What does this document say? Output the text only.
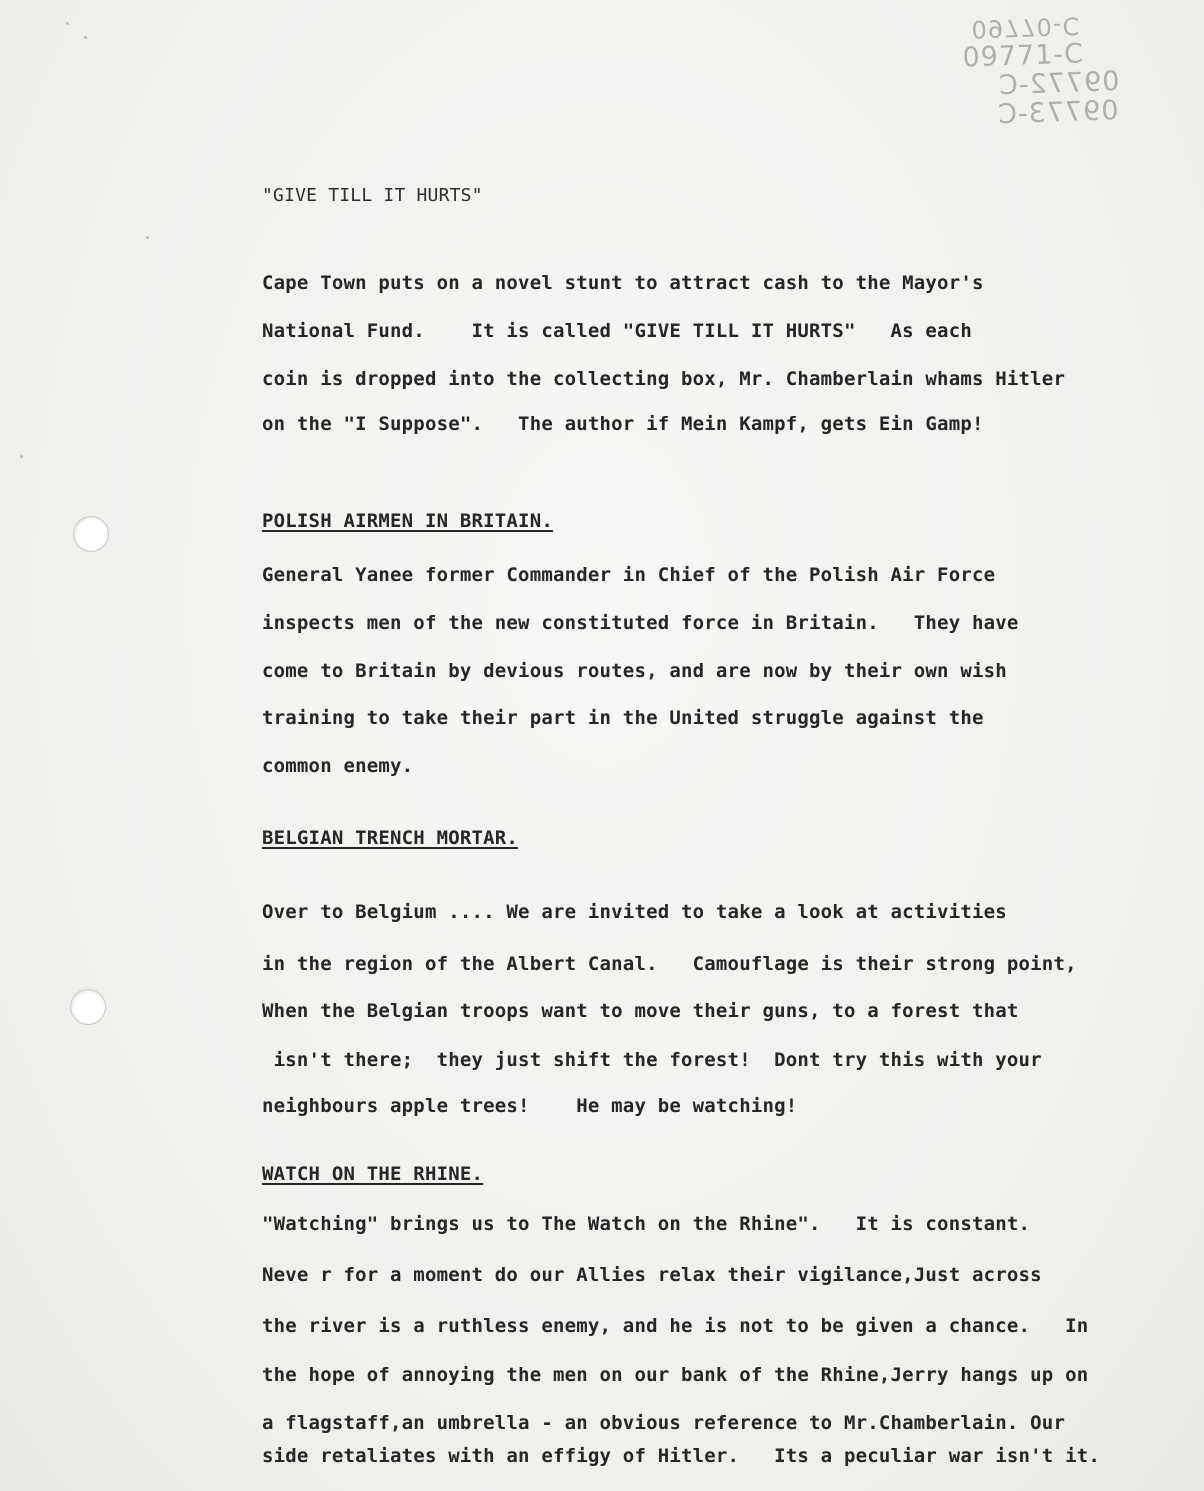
09770-C
09771-C
09772-C
09773-C
"GIVE TILL IT HURTS"
Cape Town puts on a novel stunt to attract cash to the Mayor's
National Fund.    It is called "GIVE TILL IT HURTS"   As each
coin is dropped into the collecting box, Mr. Chamberlain whams Hitler
on the "I Suppose".   The author if Mein Kampf, gets Ein Gamp!
POLISH AIRMEN IN BRITAIN.
General Yanee former Commander in Chief of the Polish Air Force
inspects men of the new constituted force in Britain.   They have
come to Britain by devious routes, and are now by their own wish
training to take their part in the United struggle against the
common enemy.
BELGIAN TRENCH MORTAR.
Over to Belgium .... We are invited to take a look at activities
in the region of the Albert Canal.   Camouflage is their strong point,
When the Belgian troops want to move their guns, to a forest that
isn't there;  they just shift the forest!  Dont try this with your
neighbours apple trees!    He may be watching!
WATCH ON THE RHINE.
"Watching" brings us to The Watch on the Rhine".   It is constant.
Neve r for a moment do our Allies relax their vigilance,Just across
the river is a ruthless enemy, and he is not to be given a chance.   In
the hope of annoying the men on our bank of the Rhine,Jerry hangs up on
a flagstaff,an umbrella - an obvious reference to Mr.Chamberlain. Our
side retaliates with an effigy of Hitler.   Its a peculiar war isn't it.
